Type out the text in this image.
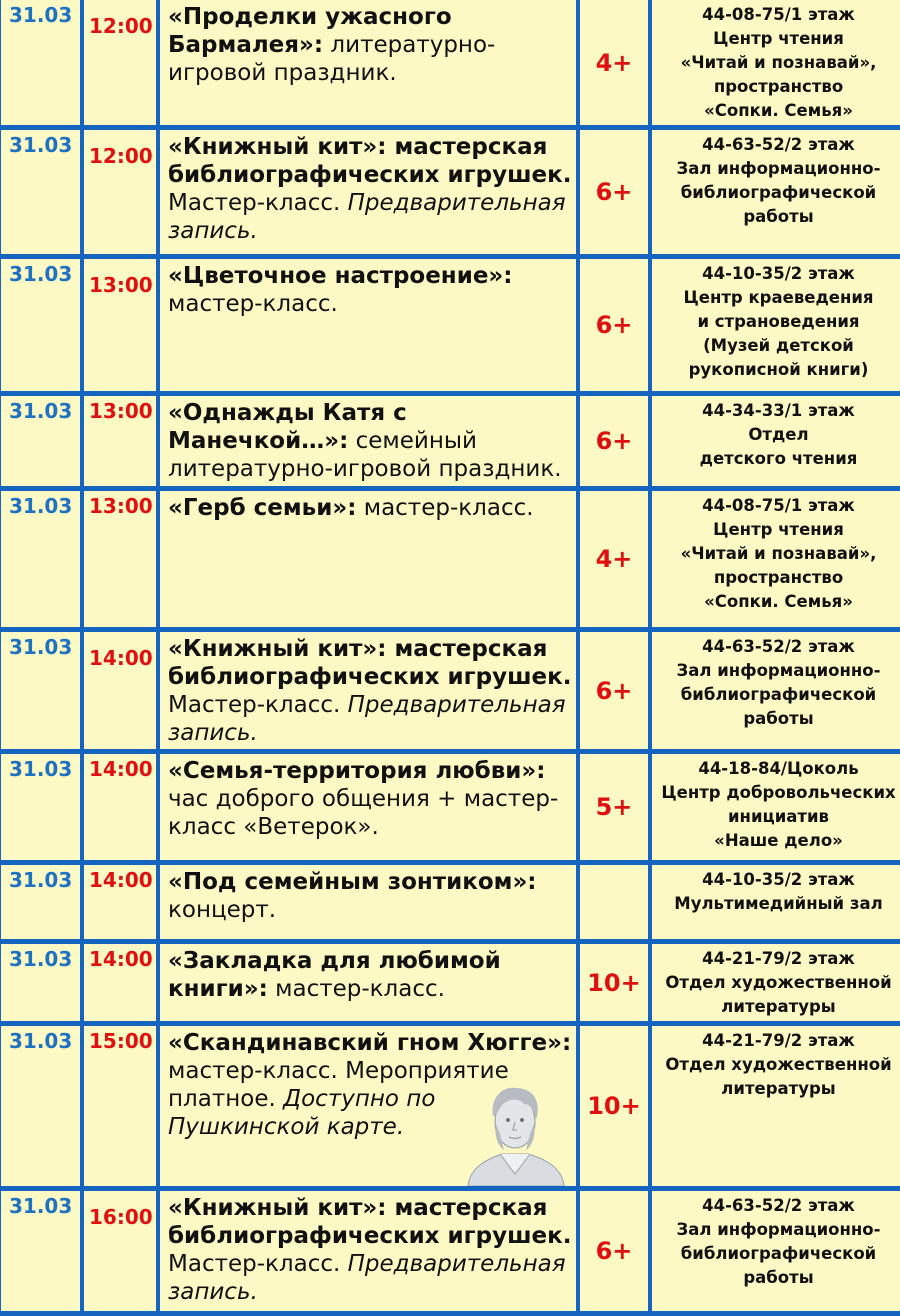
31.03	12:00	«Проделки ужасного Бармалея»: литературно-игровой праздник.	4+	44-08-75/1 этаж
Центр чтения
«Читай и познавай»,
пространство
«Сопки. Семья»

31.03	12:00	«Книжный кит»: мастерская библиографических игрушек. Мастер-класс. Предварительная запись.	6+	44-63-52/2 этаж
Зал информационно-
библиографической
работы

31.03	13:00	«Цветочное настроение»: мастер-класс.	6+	44-10-35/2 этаж
Центр краеведения
и страноведения
(Музей детской
рукописной книги)

31.03	13:00	«Однажды Катя с Манечкой…»: семейный литературно-игровой праздник.	6+	44-34-33/1 этаж
Отдел
детского чтения

31.03	13:00	«Герб семьи»: мастер-класс.	4+	44-08-75/1 этаж
Центр чтения
«Читай и познавай»,
пространство
«Сопки. Семья»

31.03	14:00	«Книжный кит»: мастерская библиографических игрушек. Мастер-класс. Предварительная запись.	6+	44-63-52/2 этаж
Зал информационно-
библиографической
работы

31.03	14:00	«Семья-территория любви»: час доброго общения + мастер-класс «Ветерок».	5+	44-18-84/Цоколь
Центр добровольческих
инициатив
«Наше дело»

31.03	14:00	«Под семейным зонтиком»: концерт.		44-10-35/2 этаж
Мультимедийный зал

31.03	14:00	«Закладка для любимой книги»: мастер-класс.	10+	44-21-79/2 этаж
Отдел художественной
литературы

31.03	15:00	«Скандинавский гном Хюгге»: мастер-класс. Мероприятие платное. Доступно по Пушкинской карте.	10+	44-21-79/2 этаж
Отдел художественной
литературы

31.03	16:00	«Книжный кит»: мастерская библиографических игрушек. Мастер-класс. Предварительная запись.	6+	44-63-52/2 этаж
Зал информационно-
библиографической
работы
